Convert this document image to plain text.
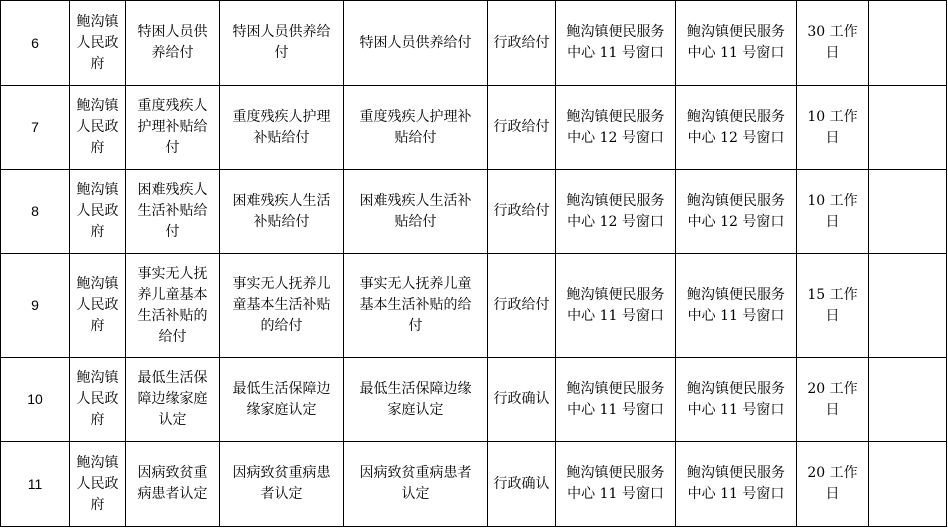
6	鲍沟镇人民政府	特困人员供养给付	特困人员供养给付	特困人员供养给付	行政给付	鲍沟镇便民服务中心 11 号窗口	鲍沟镇便民服务中心 11 号窗口	30 工作日	
7	鲍沟镇人民政府	重度残疾人护理补贴给付	重度残疾人护理补贴给付	重度残疾人护理补贴给付	行政给付	鲍沟镇便民服务中心 12 号窗口	鲍沟镇便民服务中心 12 号窗口	10 工作日	
8	鲍沟镇人民政府	困难残疾人生活补贴给付	困难残疾人生活补贴给付	困难残疾人生活补贴给付	行政给付	鲍沟镇便民服务中心 12 号窗口	鲍沟镇便民服务中心 12 号窗口	10 工作日	
9	鲍沟镇人民政府	事实无人抚养儿童基本生活补贴的给付	事实无人抚养儿童基本生活补贴的给付	事实无人抚养儿童基本生活补贴的给付	行政给付	鲍沟镇便民服务中心 11 号窗口	鲍沟镇便民服务中心 11 号窗口	15 工作日	
10	鲍沟镇人民政府	最低生活保障边缘家庭认定	最低生活保障边缘家庭认定	最低生活保障边缘家庭认定	行政确认	鲍沟镇便民服务中心 11 号窗口	鲍沟镇便民服务中心 11 号窗口	20 工作日	
11	鲍沟镇人民政府	因病致贫重病患者认定	因病致贫重病患者认定	因病致贫重病患者认定	行政确认	鲍沟镇便民服务中心 11 号窗口	鲍沟镇便民服务中心 11 号窗口	20 工作日	
